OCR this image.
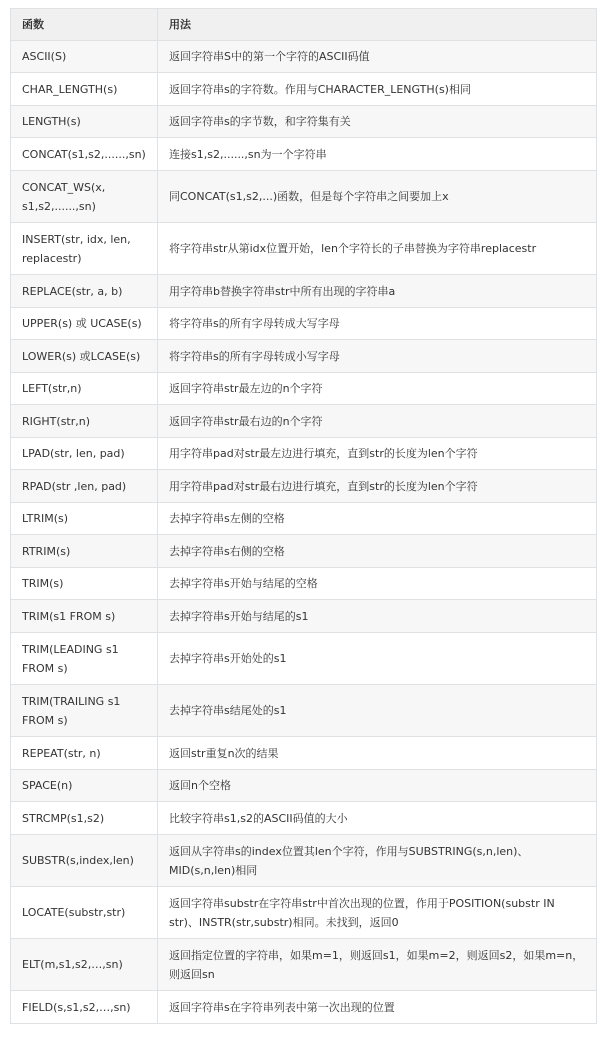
函数	用法
ASCII(S)	返回字符串S中的第一个字符的ASCII码值
CHAR_LENGTH(s)	返回字符串s的字符数。作用与CHARACTER_LENGTH(s)相同
LENGTH(s)	返回字符串s的字节数，和字符集有关
CONCAT(s1,s2,......,sn)	连接s1,s2,......,sn为一个字符串
CONCAT_WS(x, s1,s2,......,sn)	同CONCAT(s1,s2,...)函数，但是每个字符串之间要加上x
INSERT(str, idx, len, replacestr)	将字符串str从第idx位置开始，len个字符长的子串替换为字符串replacestr
REPLACE(str, a, b)	用字符串b替换字符串str中所有出现的字符串a
UPPER(s) 或 UCASE(s)	将字符串s的所有字母转成大写字母
LOWER(s) 或LCASE(s)	将字符串s的所有字母转成小写字母
LEFT(str,n)	返回字符串str最左边的n个字符
RIGHT(str,n)	返回字符串str最右边的n个字符
LPAD(str, len, pad)	用字符串pad对str最左边进行填充，直到str的长度为len个字符
RPAD(str ,len, pad)	用字符串pad对str最右边进行填充，直到str的长度为len个字符
LTRIM(s)	去掉字符串s左侧的空格
RTRIM(s)	去掉字符串s右侧的空格
TRIM(s)	去掉字符串s开始与结尾的空格
TRIM(s1 FROM s)	去掉字符串s开始与结尾的s1
TRIM(LEADING s1 FROM s)	去掉字符串s开始处的s1
TRIM(TRAILING s1 FROM s)	去掉字符串s结尾处的s1
REPEAT(str, n)	返回str重复n次的结果
SPACE(n)	返回n个空格
STRCMP(s1,s2)	比较字符串s1,s2的ASCII码值的大小
SUBSTR(s,index,len)	返回从字符串s的index位置其len个字符，作用与SUBSTRING(s,n,len)、MID(s,n,len)相同
LOCATE(substr,str)	返回字符串substr在字符串str中首次出现的位置，作用于POSITION(substr IN str)、INSTR(str,substr)相同。未找到，返回0
ELT(m,s1,s2,…,sn)	返回指定位置的字符串，如果m=1，则返回s1，如果m=2，则返回s2，如果m=n，则返回sn
FIELD(s,s1,s2,…,sn)	返回字符串s在字符串列表中第一次出现的位置
